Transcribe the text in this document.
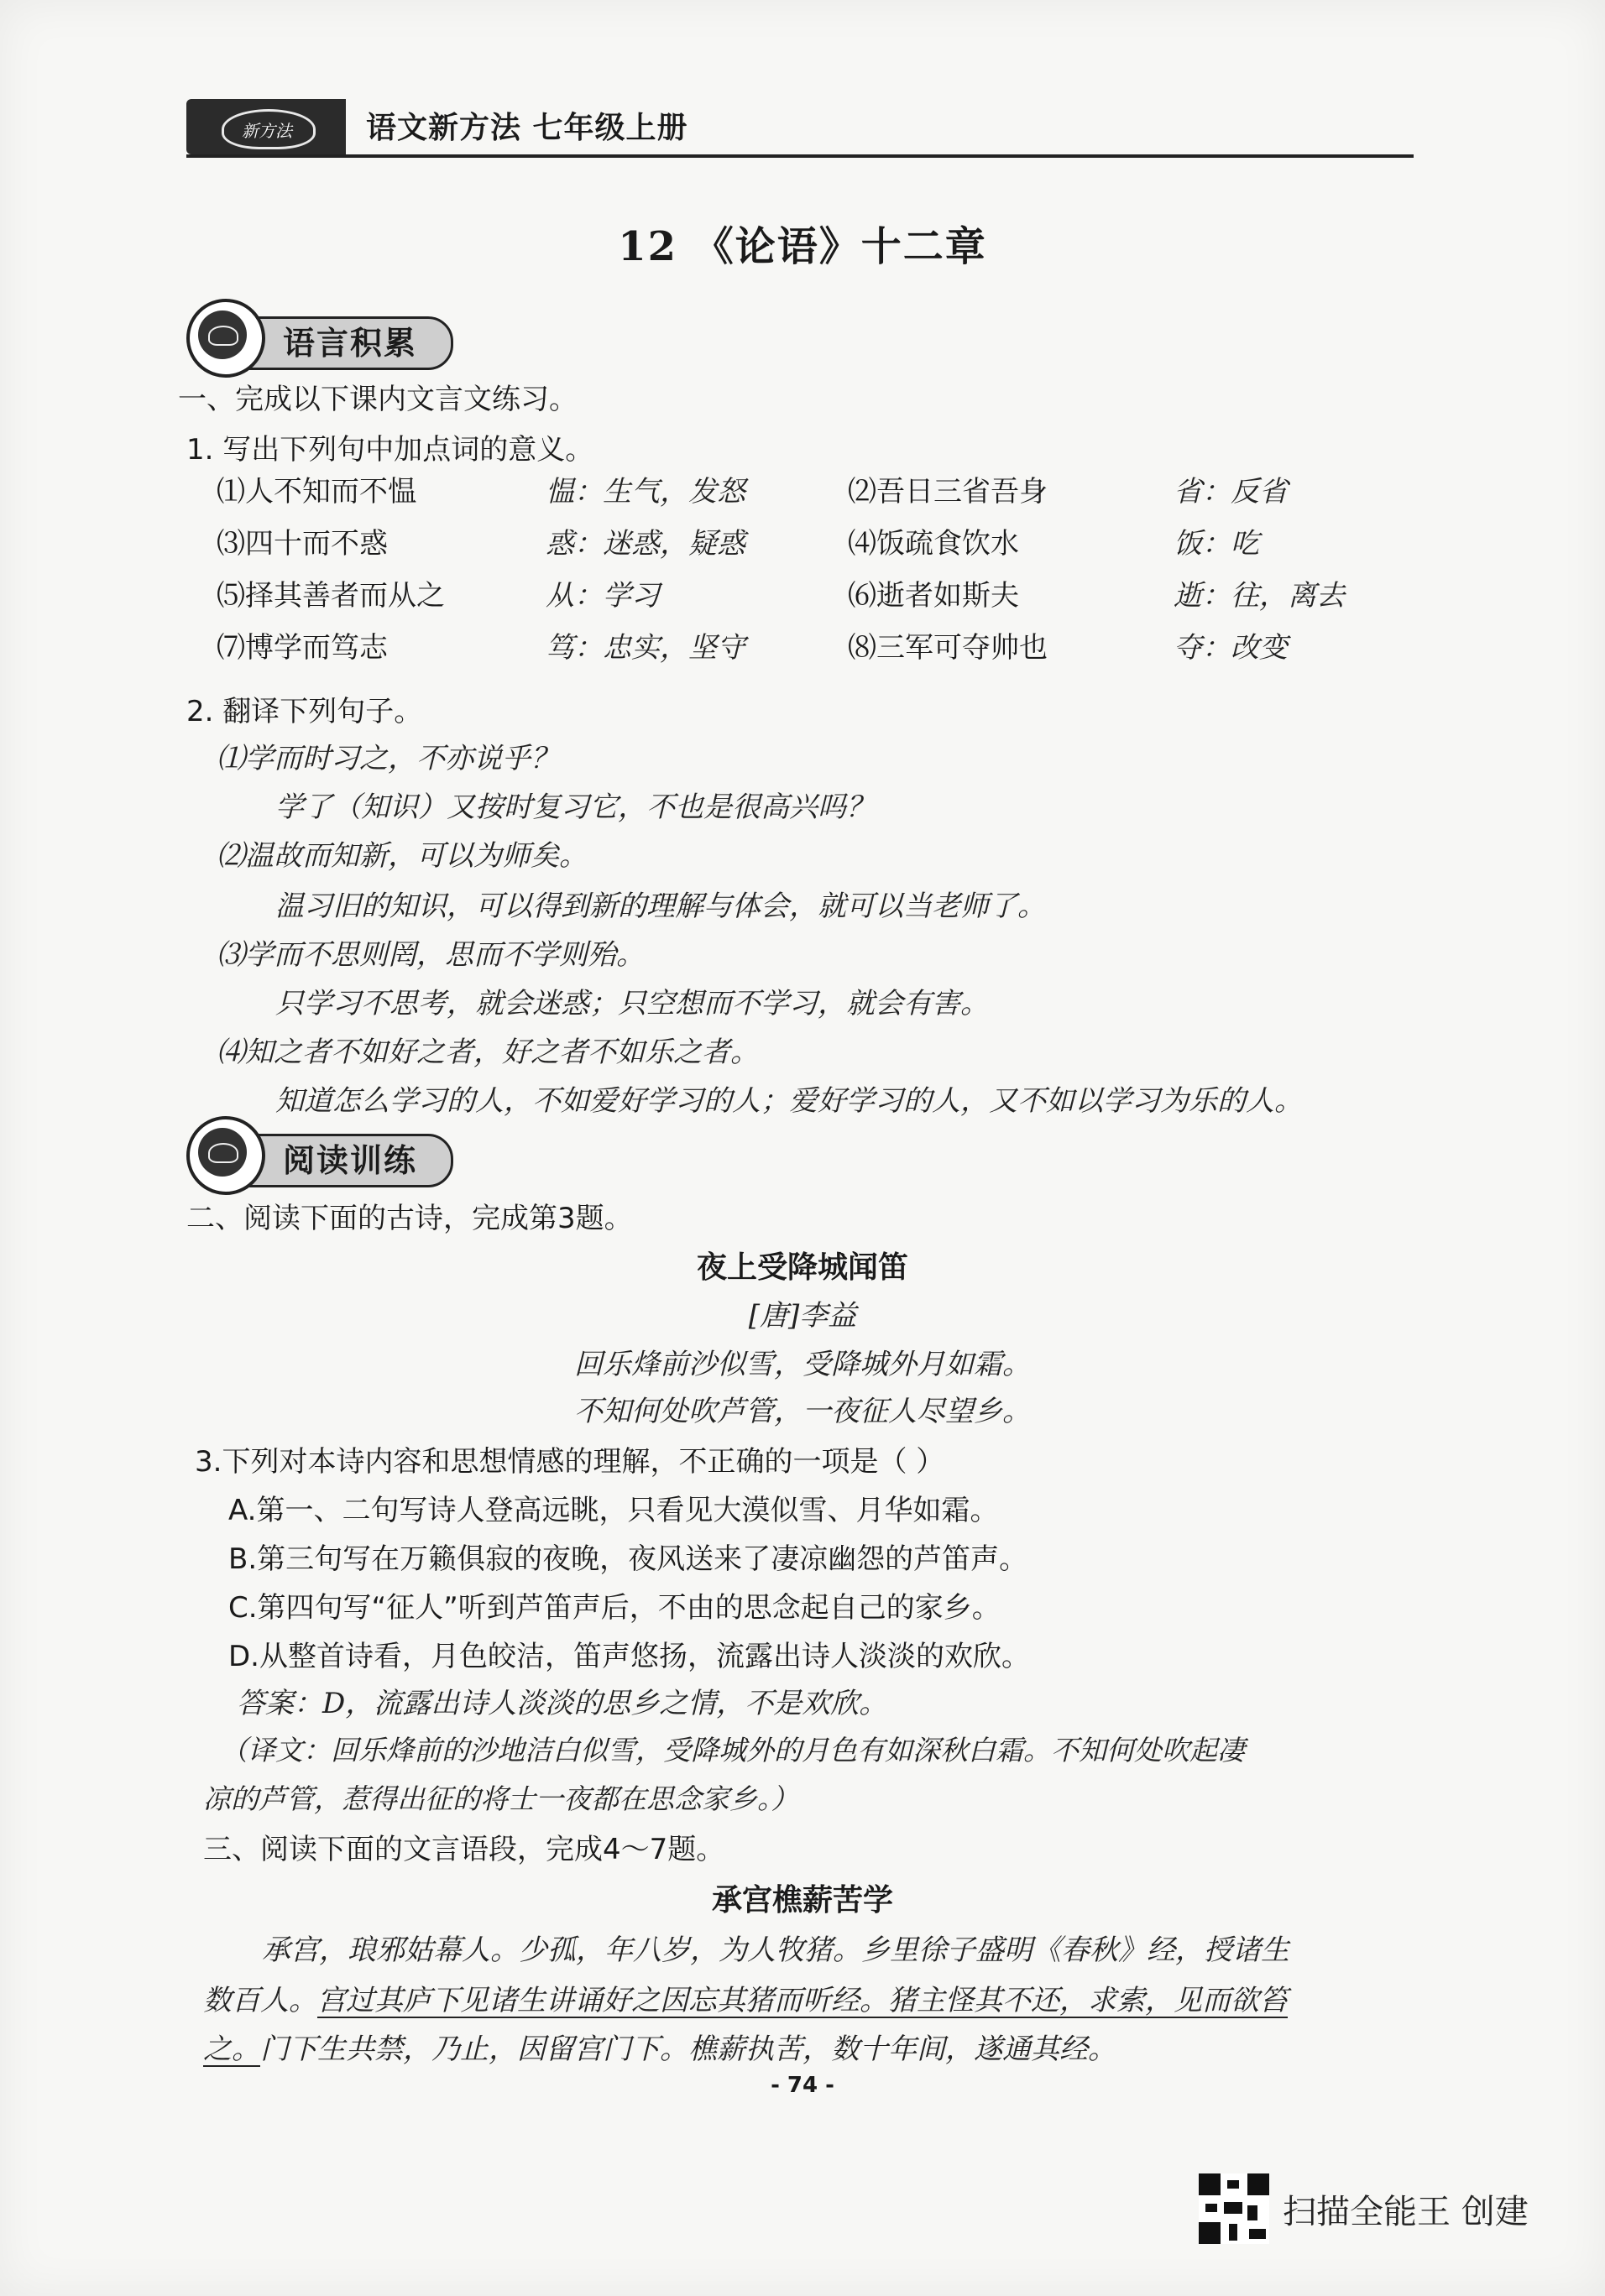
新方法 语文新方法 七年级上册
12 《论语》十二章
语言积累
一、完成以下课内文言文练习。
1. 写出下列句中加点词的意义。
⑴人不知而不愠	愠：生气，发怒	⑵吾日三省吾身	省：反省
⑶四十而不惑	惑：迷惑，疑惑	⑷饭疏食饮水	饭：吃
⑸择其善者而从之	从：学习	⑹逝者如斯夫	逝：往，离去
⑺博学而笃志	笃：忠实，坚守	⑻三军可夺帅也	夺：改变
2. 翻译下列句子。
⑴学而时习之，不亦说乎？
学了（知识）又按时复习它，不也是很高兴吗？
⑵温故而知新，可以为师矣。
温习旧的知识，可以得到新的理解与体会，就可以当老师了。
⑶学而不思则罔，思而不学则殆。
只学习不思考，就会迷惑；只空想而不学习，就会有害。
⑷知之者不如好之者，好之者不如乐之者。
知道怎么学习的人，不如爱好学习的人；爱好学习的人，又不如以学习为乐的人。
阅读训练
二、阅读下面的古诗，完成第3题。
夜上受降城闻笛
[唐]李益
回乐烽前沙似雪，受降城外月如霜。
不知何处吹芦管，一夜征人尽望乡。
3.下列对本诗内容和思想情感的理解，不正确的一项是（ ）
A.第一、二句写诗人登高远眺，只看见大漠似雪、月华如霜。
B.第三句写在万籁俱寂的夜晚，夜风送来了凄凉幽怨的芦笛声。
C.第四句写“征人”听到芦笛声后，不由的思念起自己的家乡。
D.从整首诗看，月色皎洁，笛声悠扬，流露出诗人淡淡的欢欣。
答案：D，流露出诗人淡淡的思乡之情，不是欢欣。
（译文：回乐烽前的沙地洁白似雪，受降城外的月色有如深秋白霜。不知何处吹起凄
凉的芦管，惹得出征的将士一夜都在思念家乡。）
三、阅读下面的文言语段，完成4～7题。
承宫樵薪苦学
承宫，琅邪姑幕人。少孤，年八岁，为人牧猪。乡里徐子盛明《春秋》经，授诸生
数百人。宫过其庐下见诸生讲诵好之因忘其猪而听经。猪主怪其不还，求索，见而欲笞
之。门下生共禁，乃止，因留宫门下。樵薪执苦，数十年间，遂通其经。
- 74 -
扫描全能王 创建
